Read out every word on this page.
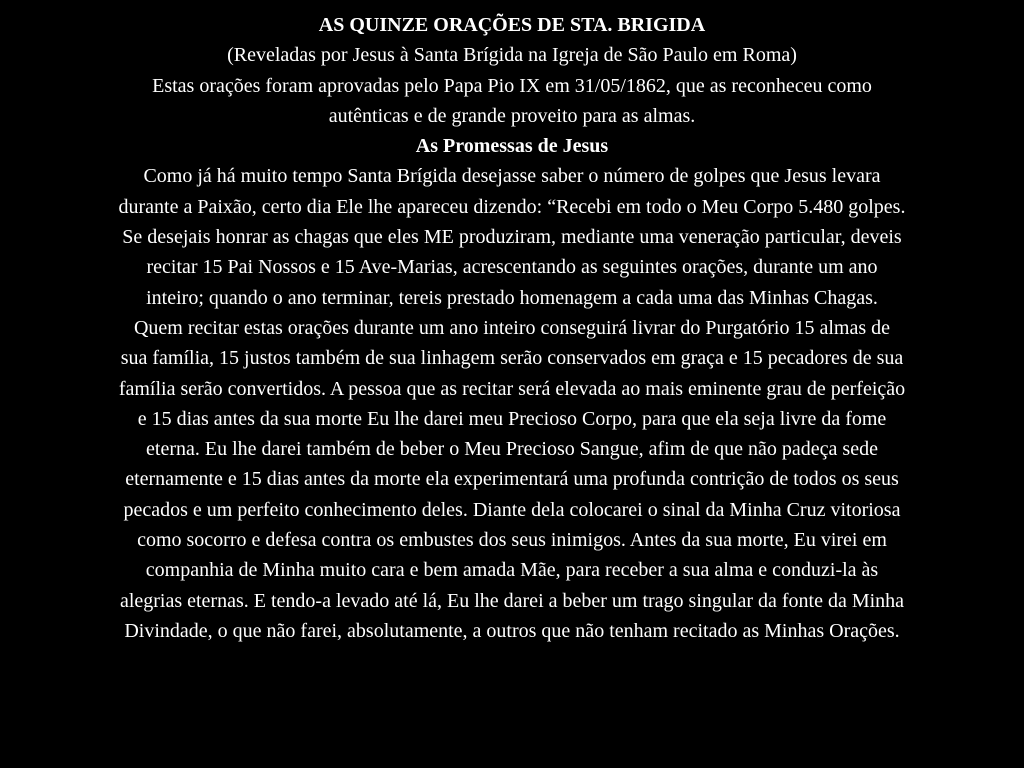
AS QUINZE ORAÇÕES DE STA. BRIGIDA
(Reveladas por Jesus à Santa Brígida na Igreja de São Paulo em Roma)
Estas orações foram aprovadas pelo Papa Pio IX em 31/05/1862, que as reconheceu como
autênticas e de grande proveito para as almas.
As Promessas de Jesus
Como já há muito tempo Santa Brígida desejasse saber o número de golpes que Jesus levara
durante a Paixão, certo dia Ele lhe apareceu dizendo: “Recebi em todo o Meu Corpo 5.480 golpes.
Se desejais honrar as chagas que eles ME produziram, mediante uma veneração particular, deveis
recitar 15 Pai Nossos e 15 Ave-Marias, acrescentando as seguintes orações, durante um ano
inteiro; quando o ano terminar, tereis prestado homenagem a cada uma das Minhas Chagas.
Quem recitar estas orações durante um ano inteiro conseguirá livrar do Purgatório 15 almas de
sua família, 15 justos também de sua linhagem serão conservados em graça e 15 pecadores de sua
família serão convertidos. A pessoa que as recitar será elevada ao mais eminente grau de perfeição
e 15 dias antes da sua morte Eu lhe darei meu Precioso Corpo, para que ela seja livre da fome
eterna. Eu lhe darei também de beber o Meu Precioso Sangue, afim de que não padeça sede
eternamente e 15 dias antes da morte ela experimentará uma profunda contrição de todos os seus
pecados e um perfeito conhecimento deles. Diante dela colocarei o sinal da Minha Cruz vitoriosa
como socorro e defesa contra os embustes dos seus inimigos. Antes da sua morte, Eu virei em
companhia de Minha muito cara e bem amada Mãe, para receber a sua alma e conduzi-la às
alegrias eternas. E tendo-a levado até lá, Eu lhe darei a beber um trago singular da fonte da Minha
Divindade, o que não farei, absolutamente, a outros que não tenham recitado as Minhas Orações.
